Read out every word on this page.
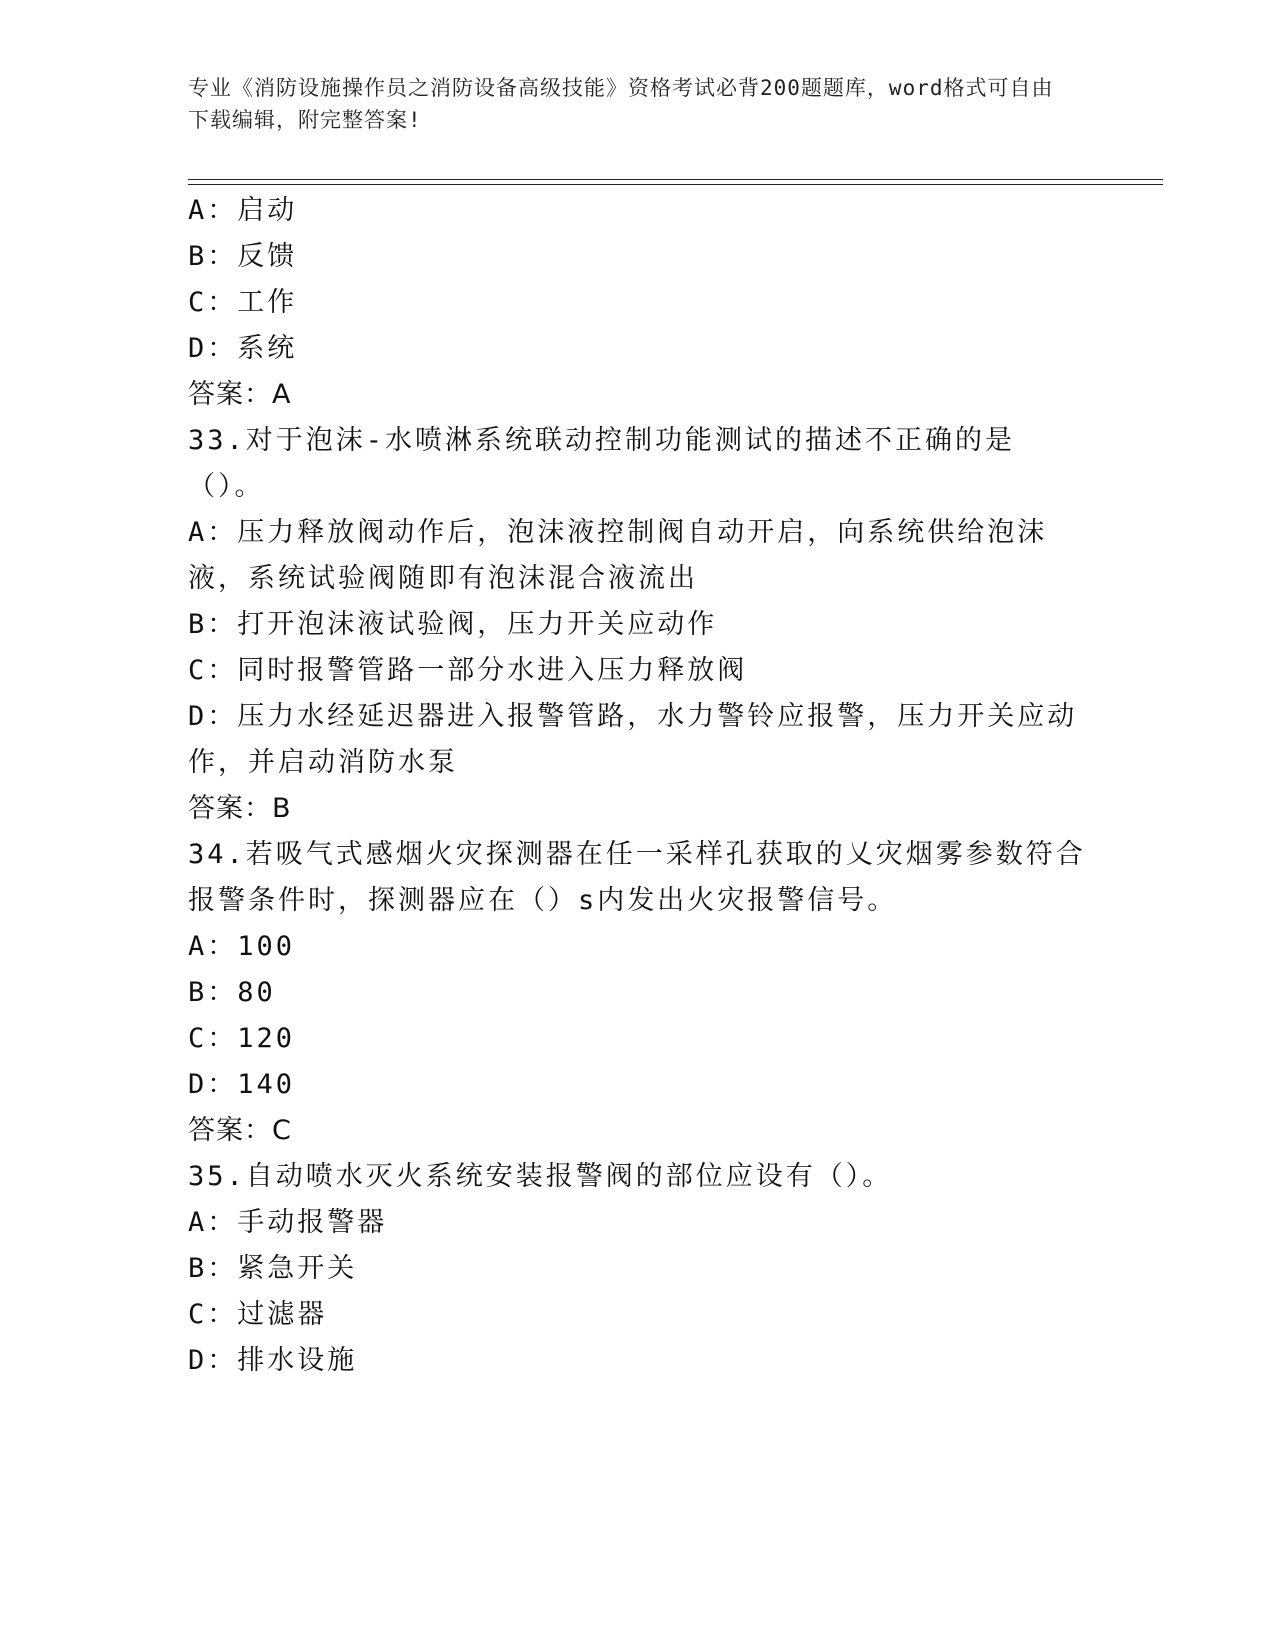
专业《消防设施操作员之消防设备高级技能》资格考试必背200题题库，word格式可自由下载编辑，附完整答案!
A：启动
B：反馈
C：工作
D：系统
答案：A
33.对于泡沫-水喷淋系统联动控制功能测试的描述不正确的是（）。
A：压力释放阀动作后，泡沫液控制阀自动开启，向系统供给泡沫液，系统试验阀随即有泡沫混合液流出
B：打开泡沫液试验阀，压力开关应动作
C：同时报警管路一部分水进入压力释放阀
D：压力水经延迟器进入报警管路，水力警铃应报警，压力开关应动作，并启动消防水泵
答案：B
34.若吸气式感烟火灾探测器在任一采样孔获取的乂灾烟雾参数符合报警条件时，探测器应在（）s内发出火灾报警信号。
A：100
B：80
C：120
D：140
答案：C
35.自动喷水灭火系统安装报警阀的部位应设有（）。
A：手动报警器
B：紧急开关
C：过滤器
D：排水设施
